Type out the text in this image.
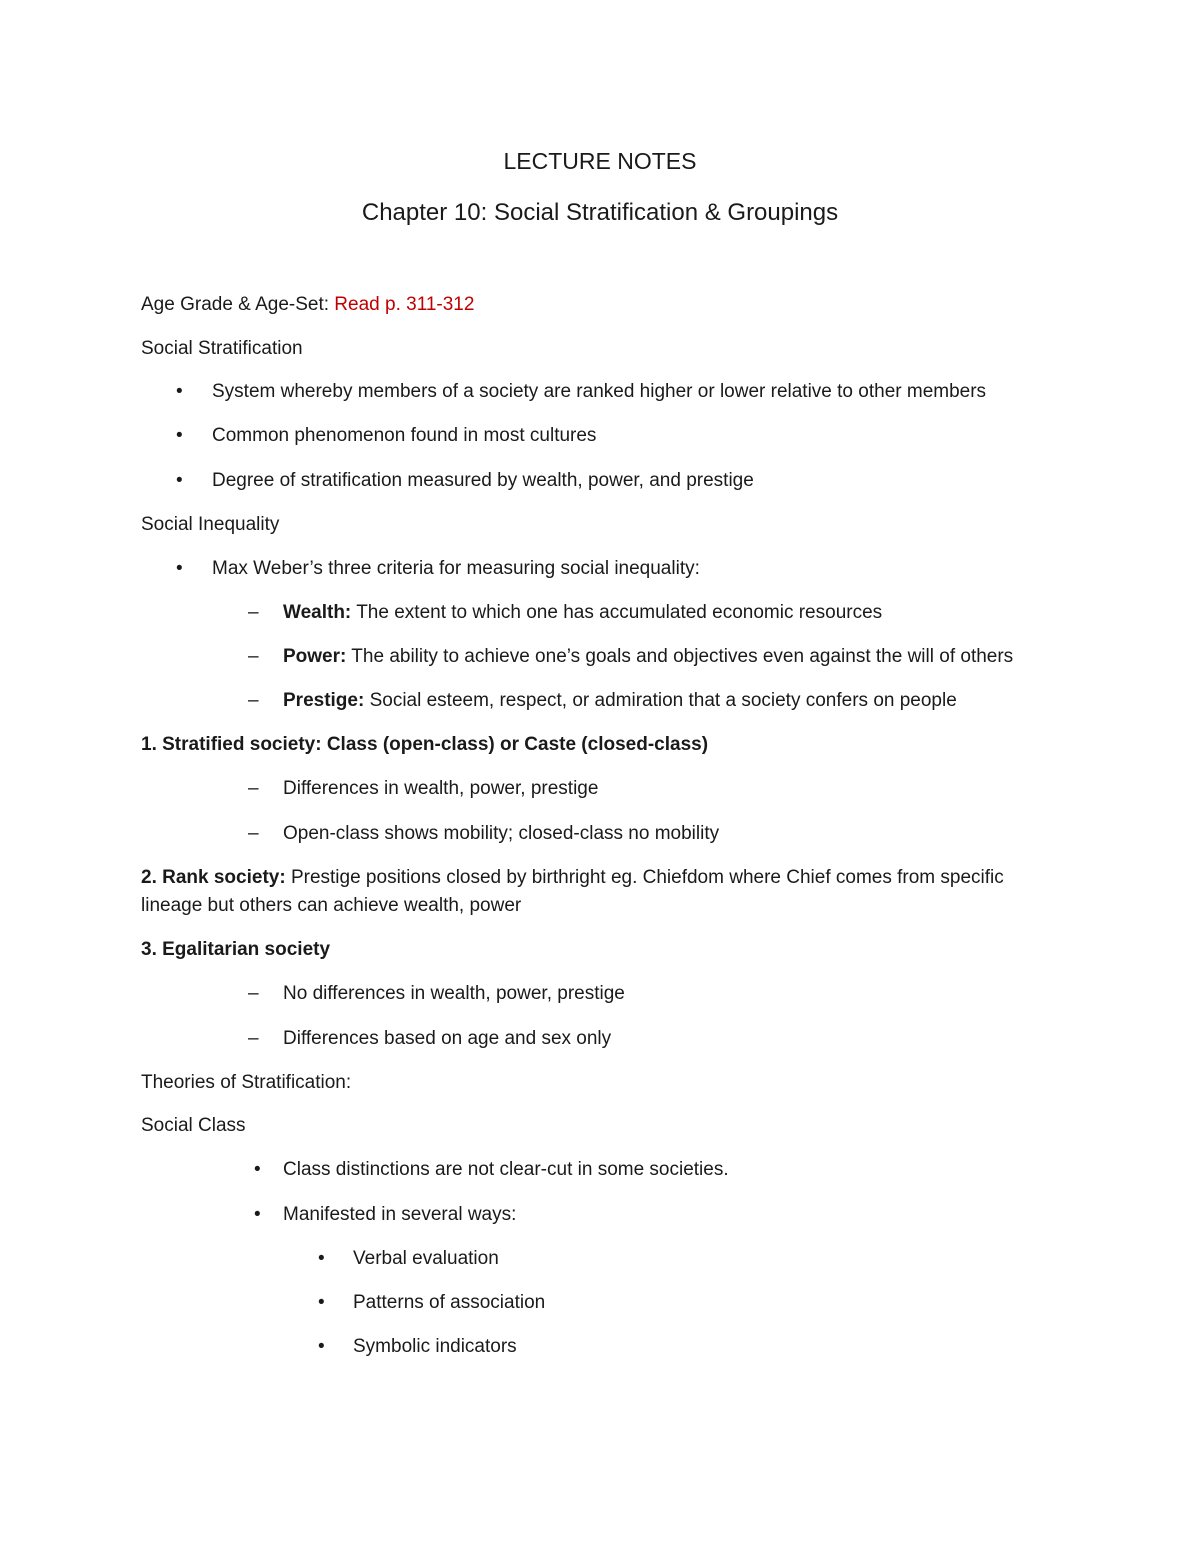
LECTURE NOTES
Chapter 10: Social Stratification & Groupings
Age Grade & Age-Set: Read p. 311-312
Social Stratification
• System whereby members of a society are ranked higher or lower relative to other members
• Common phenomenon found in most cultures
• Degree of stratification measured by wealth, power, and prestige
Social Inequality
• Max Weber’s three criteria for measuring social inequality:
– Wealth: The extent to which one has accumulated economic resources
– Power: The ability to achieve one’s goals and objectives even against the will of others
– Prestige: Social esteem, respect, or admiration that a society confers on people
1. Stratified society: Class (open-class) or Caste (closed-class)
– Differences in wealth, power, prestige
– Open-class shows mobility; closed-class no mobility
2. Rank society: Prestige positions closed by birthright eg. Chiefdom where Chief comes from specific
lineage but others can achieve wealth, power
3. Egalitarian society
– No differences in wealth, power, prestige
– Differences based on age and sex only
Theories of Stratification:
Social Class
• Class distinctions are not clear-cut in some societies.
• Manifested in several ways:
• Verbal evaluation
• Patterns of association
• Symbolic indicators
